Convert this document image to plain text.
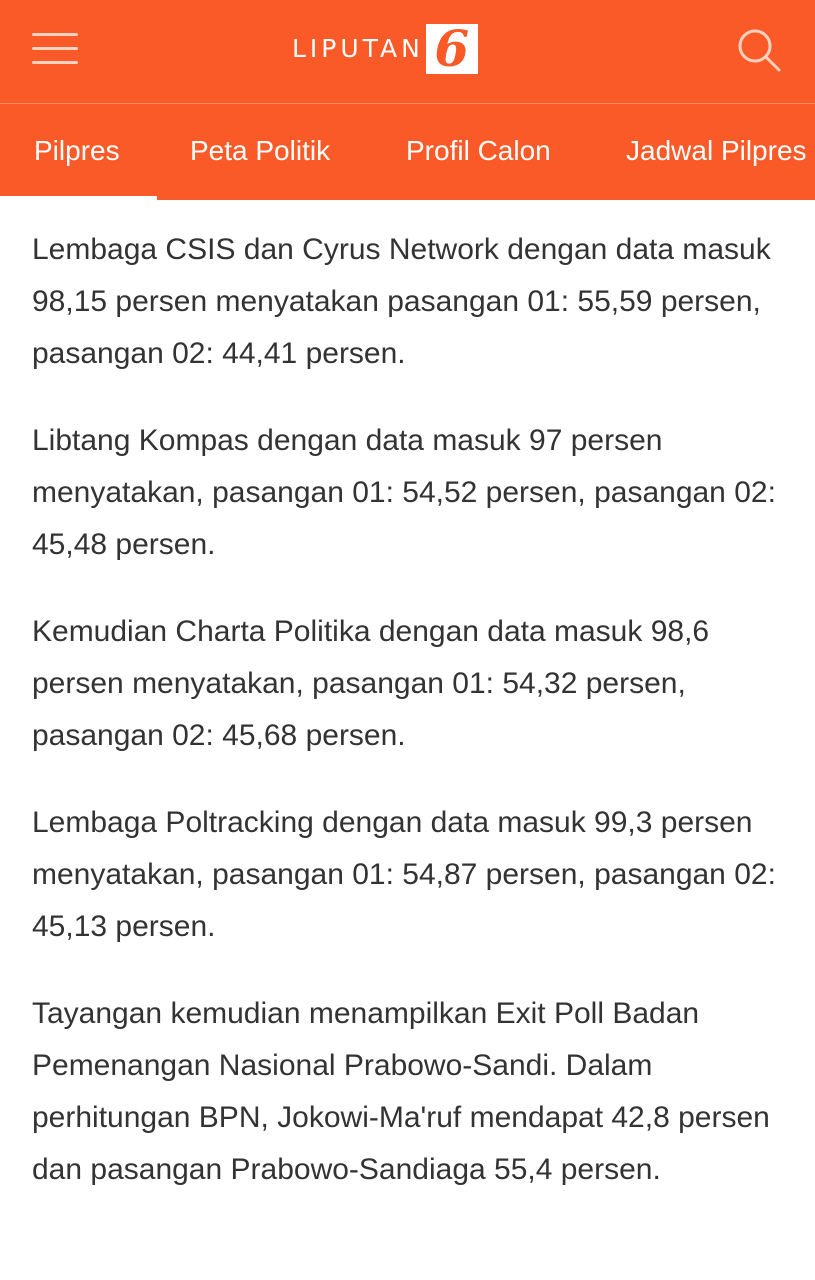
LIPUTAN 6
Pilpres	Peta Politik	Profil Calon	Jadwal Pilpres

Lembaga CSIS dan Cyrus Network dengan data masuk 98,15 persen menyatakan pasangan 01: 55,59 persen, pasangan 02: 44,41 persen.

Libtang Kompas dengan data masuk 97 persen menyatakan, pasangan 01: 54,52 persen, pasangan 02: 45,48 persen.

Kemudian Charta Politika dengan data masuk 98,6 persen menyatakan, pasangan 01: 54,32 persen, pasangan 02: 45,68 persen.

Lembaga Poltracking dengan data masuk 99,3 persen menyatakan, pasangan 01: 54,87 persen, pasangan 02: 45,13 persen.

Tayangan kemudian menampilkan Exit Poll Badan Pemenangan Nasional Prabowo-Sandi. Dalam perhitungan BPN, Jokowi-Ma'ruf mendapat 42,8 persen dan pasangan Prabowo-Sandiaga 55,4 persen.
